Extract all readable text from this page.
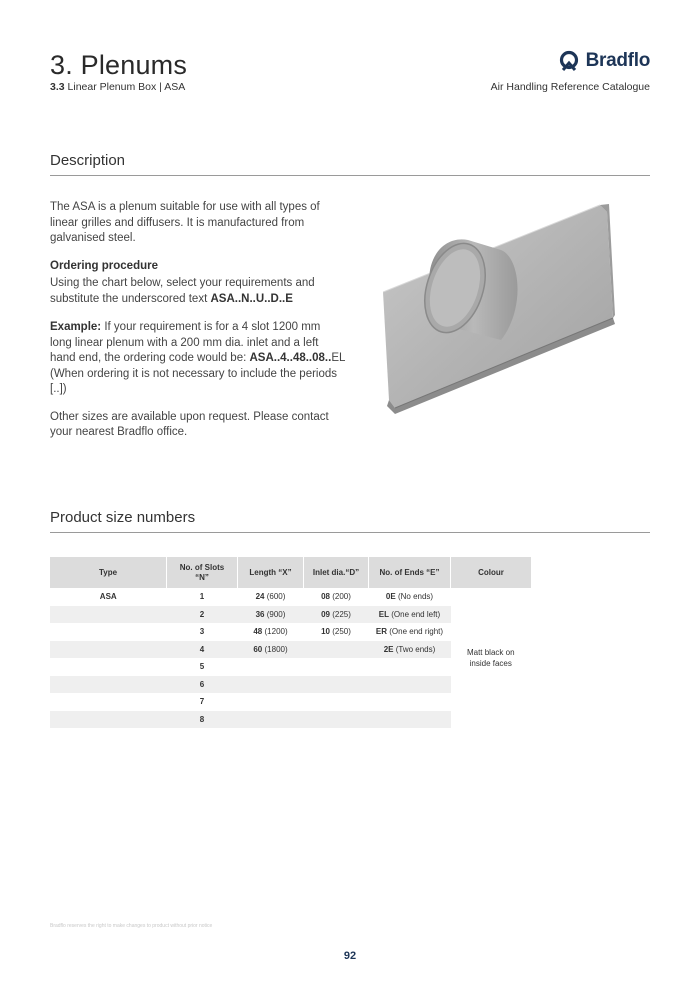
3. Plenums
3.3 Linear Plenum Box | ASA
Bradflo
Air Handling Reference Catalogue
Description

The ASA is a plenum suitable for use with all types of linear grilles and diffusers. It is manufactured from galvanised steel.

Ordering procedure

Using the chart below, select your requirements and substitute the underscored text ASA..N..U..D..E

Example: If your requirement is for a 4 slot 1200 mm long linear plenum with a 200 mm dia. inlet and a left hand end, the ordering code would be: ASA..4..48..08..EL (When ordering it is not necessary to include the periods [..])

Other sizes are available upon request. Please contact your nearest Bradflo office.

Product size numbers
Type	No. of Slots “N”	Length “X”	Inlet dia.“D”	No. of Ends “E”	Colour
ASA	1	24 (600)	08 (200)	0E (No ends)	Matt black on inside faces

	2	36 (900)	09 (225)	EL (One end left)	
	3	48 (1200)	10 (250)	ER (One end right)	
	4	60 (1800)		2E (Two ends)	
	5				
	6				
	7				
	8				
Bradflo reserves the right to make changes to product without prior notice
92
